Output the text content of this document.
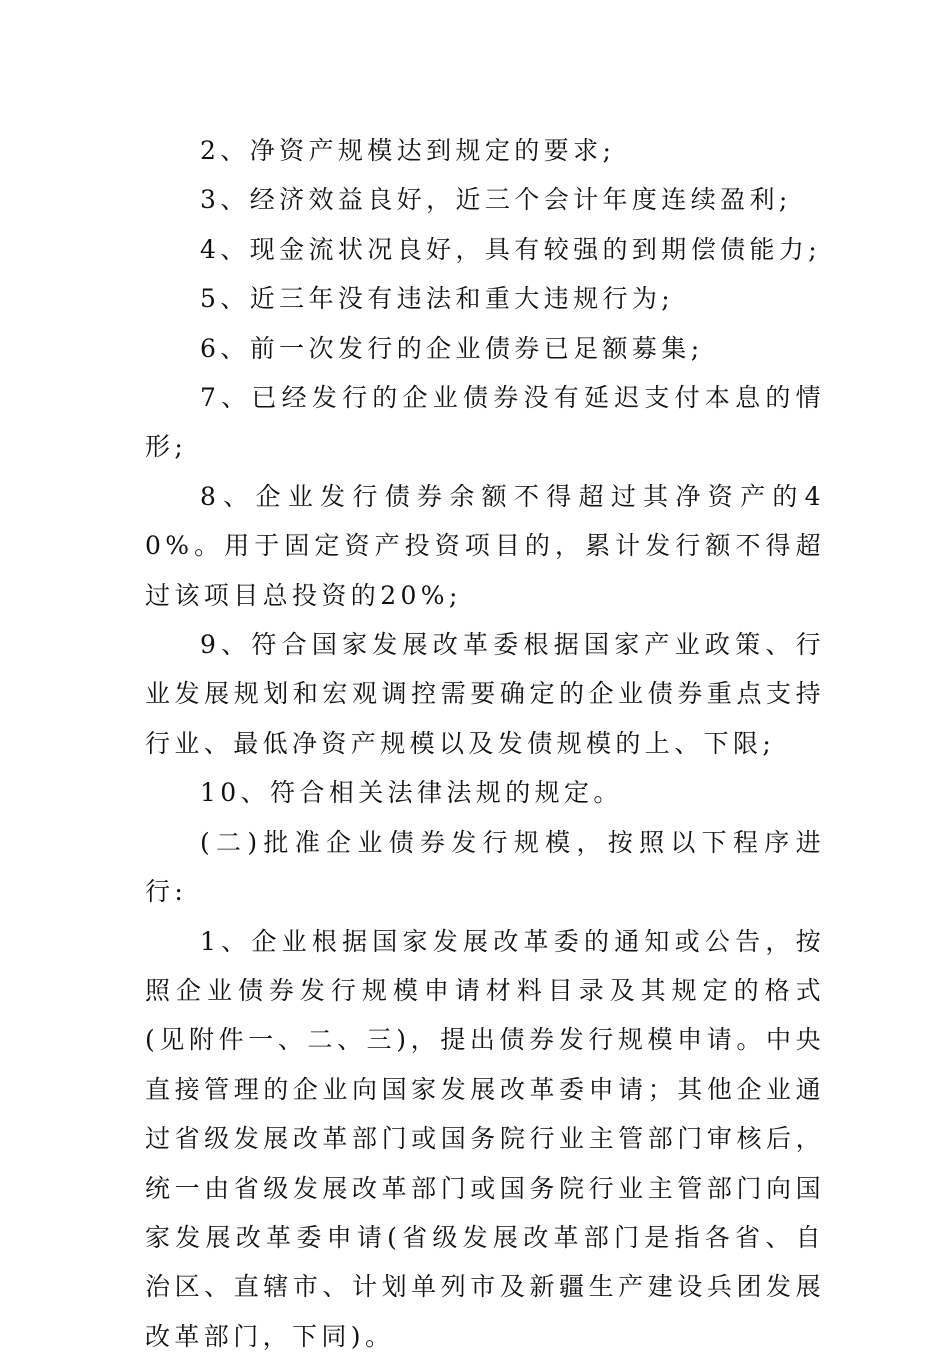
2、净资产规模达到规定的要求;

3、经济效益良好，近三个会计年度连续盈利;

4、现金流状况良好，具有较强的到期偿债能力;

5、近三年没有违法和重大违规行为;

6、前一次发行的企业债券已足额募集;

7、已经发行的企业债券没有延迟支付本息的情形;

8、企业发行债券余额不得超过其净资产的40%。用于固定资产投资项目的，累计发行额不得超过该项目总投资的20%;

9、符合国家发展改革委根据国家产业政策、行业发展规划和宏观调控需要确定的企业债券重点支持行业、最低净资产规模以及发债规模的上、下限;

10、符合相关法律法规的规定。

(二)批准企业债券发行规模，按照以下程序进行:

1、企业根据国家发展改革委的通知或公告，按照企业债券发行规模申请材料目录及其规定的格式(见附件一、二、三)，提出债券发行规模申请。中央直接管理的企业向国家发展改革委申请；其他企业通过省级发展改革部门或国务院行业主管部门审核后，统一由省级发展改革部门或国务院行业主管部门向国家发展改革委申请(省级发展改革部门是指各省、自治区、直辖市、计划单列市及新疆生产建设兵团发展改革部门，下同)。
